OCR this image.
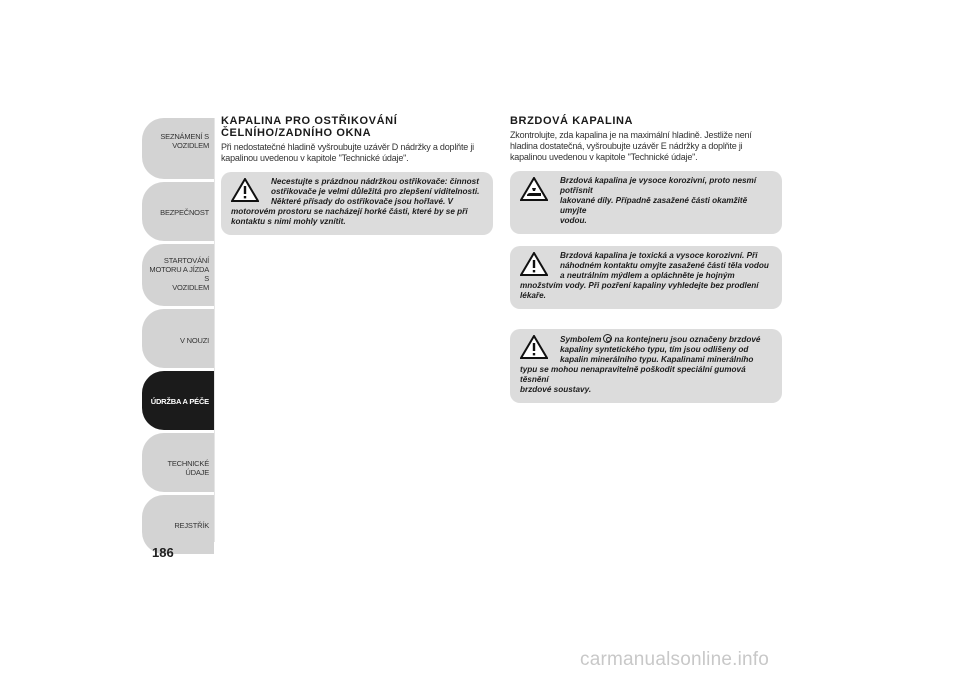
SEZNÁMENÍ S
VOZIDLEM
BEZPEČNOST
STARTOVÁNÍ
MOTORU A JÍZDA S
VOZIDLEM
V NOUZI
ÚDRŽBA A PÉČE
TECHNICKÉ ÚDAJE
REJSTŘÍK
186
KAPALINA PRO OSTŘIKOVÁNÍ
ČELNÍHO/ZADNÍHO OKNA
Při nedostatečné hladině vyšroubujte uzávěr D nádržky a doplňte ji
kapalinou uvedenou v kapitole "Technické údaje".
Necestujte s prázdnou nádržkou ostřikovače: činnost
ostřikovače je velmi důležitá pro zlepšení viditelnosti.
Některé přísady do ostřikovače jsou hořlavé. V
motorovém prostoru se nacházejí horké části, které by se při
kontaktu s nimi mohly vznítit.
BRZDOVÁ KAPALINA
Zkontrolujte, zda kapalina je na maximální hladině. Jestliže není
hladina dostatečná, vyšroubujte uzávěr E nádržky a doplňte ji
kapalinou uvedenou v kapitole "Technické údaje".
Brzdová kapalina je vysoce korozivní, proto nesmí potřísnit
lakované díly. Případně zasažené části okamžitě umyjte
vodou.
Brzdová kapalina je toxická a vysoce korozivní. Při
náhodném kontaktu omyjte zasažené části těla vodou
a neutrálním mýdlem a opláchněte je hojným
množstvím vody. Při pozření kapaliny vyhledejte bez prodlení
lékaře.
Symbolem na kontejneru jsou označeny brzdové
kapaliny syntetického typu, tím jsou odlišeny od
kapalin minerálního typu. Kapalinami minerálního
typu se mohou nenapravitelně poškodit speciální gumová těsnění
brzdové soustavy.
carmanualsonline.info
